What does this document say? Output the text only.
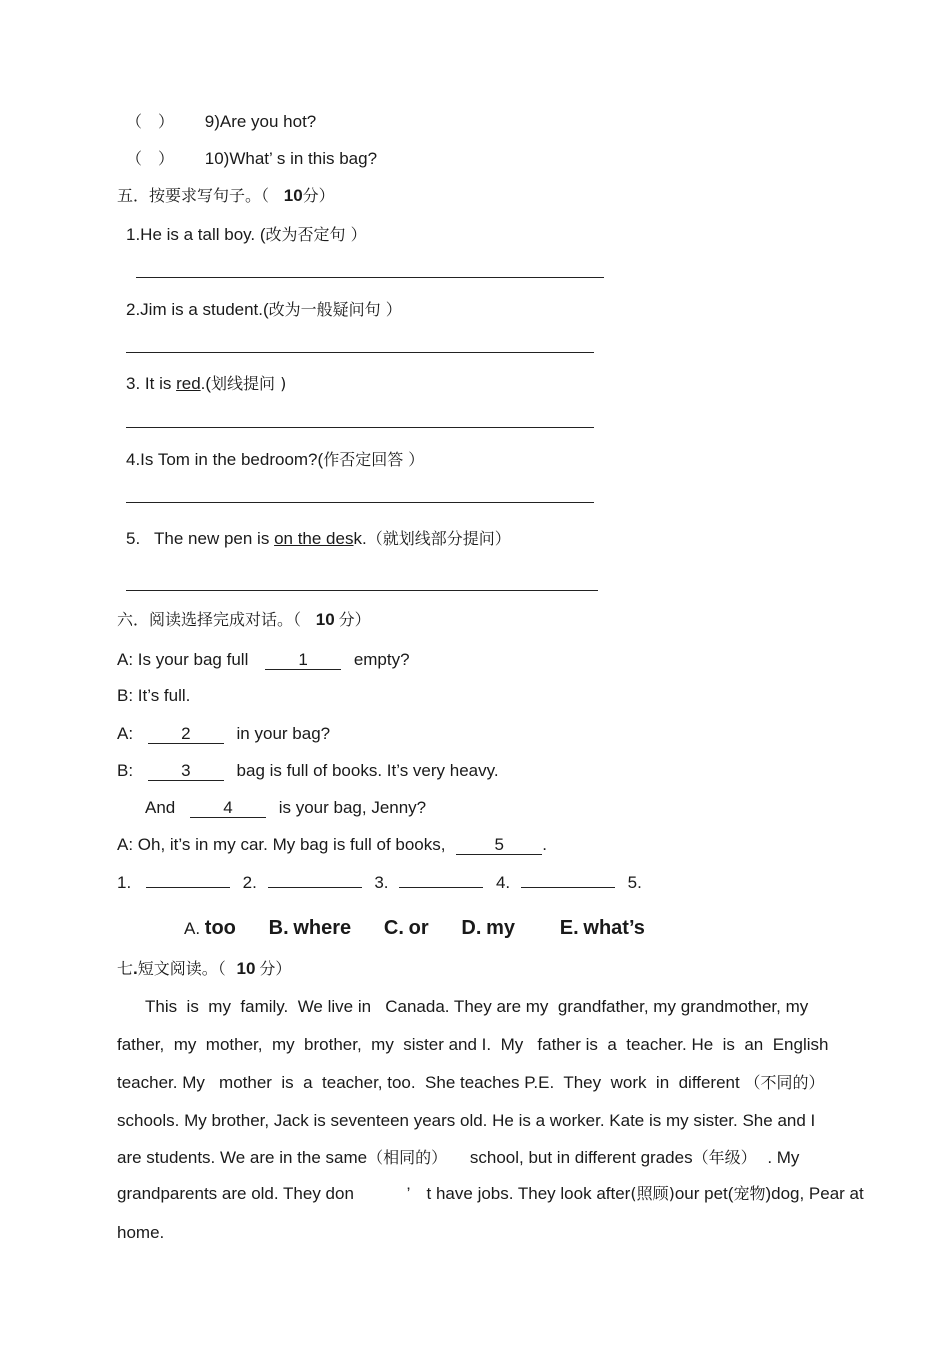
（　） 9)Are you hot?
（　） 10)What’ s in this bag?
五．按要求写句子。（ 10分）
1.He is a tall boy. (改为否定句 ）
2.Jim is a student.(改为一般疑问句 ）
3. It is red.(划线提问 )
4.Is Tom in the bedroom?(作否定回答 ）
5.   The new pen is on the desk.（就划线部分提问）
六．阅读选择完成对话。（ 10 分）
A: Is your bag full	1	empty?
B: It’s full.
A:	2	in your bag?
B:	3	bag is full of books. It’s very heavy.
And	4	is your bag, Jenny?
A: Oh, it’s in my car. My bag is full of books,	5 .
1.	2.	3.	4.	5.
A. too B. where C. or D. my E. what’s
七.短文阅读。（ 10 分）
This  is  my  family.  We live in   Canada. They are my  grandfather, my grandmother, my
father,  my  mother,  my  brother,  my  sister and I.  My   father is  a  teacher. He  is  an  English
teacher. My   mother  is  a  teacher, too.  She teaches P.E.  They  work  in  different （不同的）
schools. My brother, Jack is seventeen years old. He is a worker. Kate is my sister. She and I
are students. We are in the same（相同的） school, but in different grades（年级） . My
grandparents are old. They don	’ t have jobs. They look after(照顾)our pet(宠物)dog, Pear at
home.
